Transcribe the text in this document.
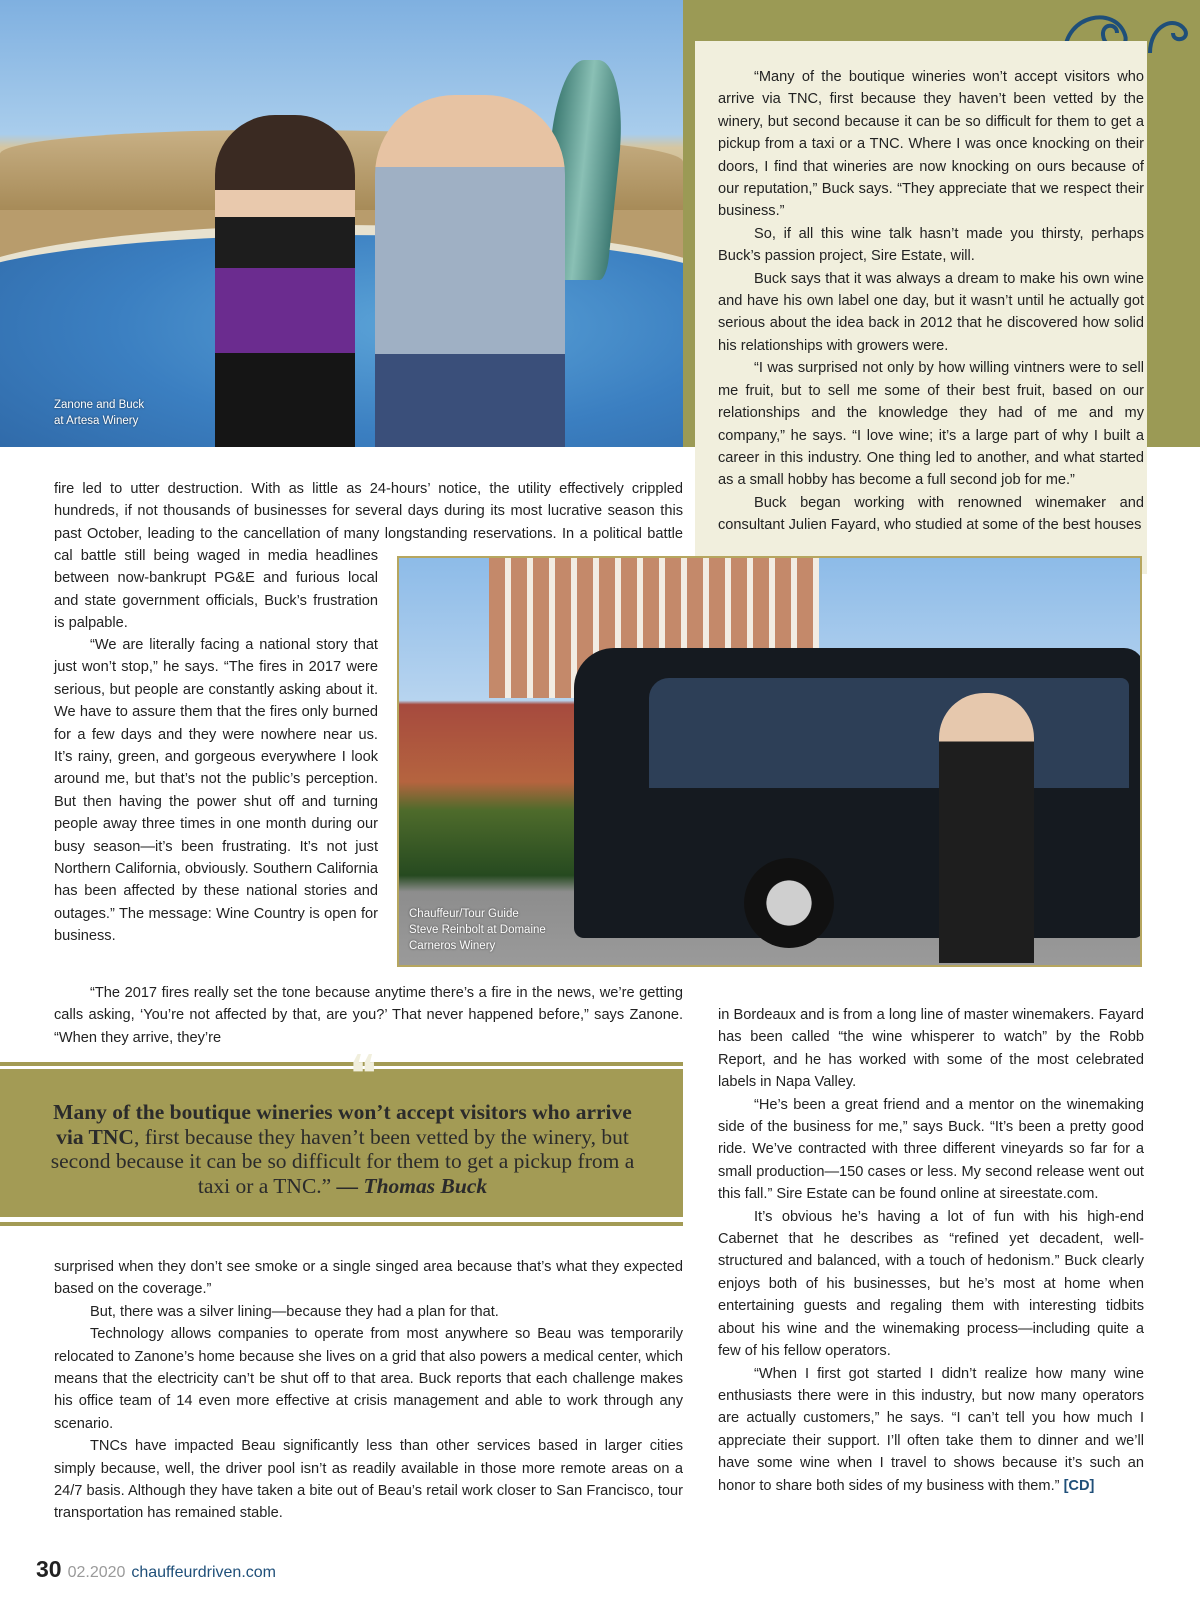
Zanone and Buck
at Artesa Winery

“Many of the boutique wineries won’t accept visitors who arrive via TNC, first because they haven’t been vetted by the winery, but second because it can be so difficult for them to get a pickup from a taxi or a TNC. Where I was once knocking on their doors, I find that wineries are now knocking on ours because of our reputation,” Buck says. “They appreciate that we respect their business.”

So, if all this wine talk hasn’t made you thirsty, perhaps Buck’s passion project, Sire Estate, will.

Buck says that it was always a dream to make his own wine and have his own label one day, but it wasn’t until he actually got serious about the idea back in 2012 that he discovered how solid his relationships with growers were.

“I was surprised not only by how willing vintners were to sell me fruit, but to sell me some of their best fruit, based on our relationships and the knowledge they had of me and my company,” he says. “I love wine; it’s a large part of why I built a career in this industry. One thing led to another, and what started as a small hobby has become a full second job for me.”

Buck began working with renowned winemaker and consultant Julien Fayard, who studied at some of the best houses

fire led to utter destruction. With as little as 24-hours’ notice, the utility effectively crippled hundreds, if not thousands of businesses for several days during its most lucrative season this past October, leading to the cancellation of many longstanding reservations. In a political battle

cal battle still being waged in media headlines between now-bankrupt PG&E and furious local and state government officials, Buck’s frustration is palpable.

“We are literally facing a national story that just won’t stop,” he says. “The fires in 2017 were serious, but people are constantly asking about it. We have to assure them that the fires only burned for a few days and they were nowhere near us. It’s rainy, green, and gorgeous everywhere I look around me, but that’s not the public’s perception. But then having the power shut off and turning people away three times in one month during our busy season—it’s been frustrating. It’s not just Northern California, obviously. Southern California has been affected by these national stories and outages.” The message: Wine Country is open for business.

“The 2017 fires really set the tone because anytime there’s a fire in the news, we’re getting calls asking, ‘You’re not affected by that, are you?’ That never happened before,” says Zanone. “When they arrive, they’re

Chauffeur/Tour Guide
Steve Reinbolt at Domaine
Carneros Winery
❝
Many of the boutique wineries won’t accept visitors who arrive via TNC, first because they haven’t been vetted by the winery, but second because it can be so difficult for them to get a pickup from a taxi or a TNC.” — Thomas Buck

surprised when they don’t see smoke or a single singed area because that’s what they expected based on the coverage.”

But, there was a silver lining—because they had a plan for that.

Technology allows companies to operate from most anywhere so Beau was temporarily relocated to Zanone’s home because she lives on a grid that also powers a medical center, which means that the electricity can’t be shut off to that area. Buck reports that each challenge makes his office team of 14 even more effective at crisis management and able to work through any scenario.

TNCs have impacted Beau significantly less than other services based in larger cities simply because, well, the driver pool isn’t as readily available in those more remote areas on a 24/7 basis. Although they have taken a bite out of Beau’s retail work closer to San Francisco, tour transportation has remained stable.

in Bordeaux and is from a long line of master winemakers. Fayard has been called “the wine whisperer to watch” by the Robb Report, and he has worked with some of the most celebrated labels in Napa Valley.

“He’s been a great friend and a mentor on the winemaking side of the business for me,” says Buck. “It’s been a pretty good ride. We’ve contracted with three different vineyards so far for a small production—150 cases or less. My second release went out this fall.” Sire Estate can be found online at sireestate.com.

It’s obvious he’s having a lot of fun with his high-end Cabernet that he describes as “refined yet decadent, well-structured and balanced, with a touch of hedonism.” Buck clearly enjoys both of his businesses, but he’s most at home when entertaining guests and regaling them with interesting tidbits about his wine and the winemaking process—including quite a few of his fellow operators.

“When I first got started I didn’t realize how many wine enthusiasts there were in this industry, but now many operators are actually customers,” he says. “I can’t tell you how much I appreciate their support. I’ll often take them to dinner and we’ll have some wine when I travel to shows because it’s such an honor to share both sides of my business with them.” [CD]

30 02.2020 chauffeurdriven.com
